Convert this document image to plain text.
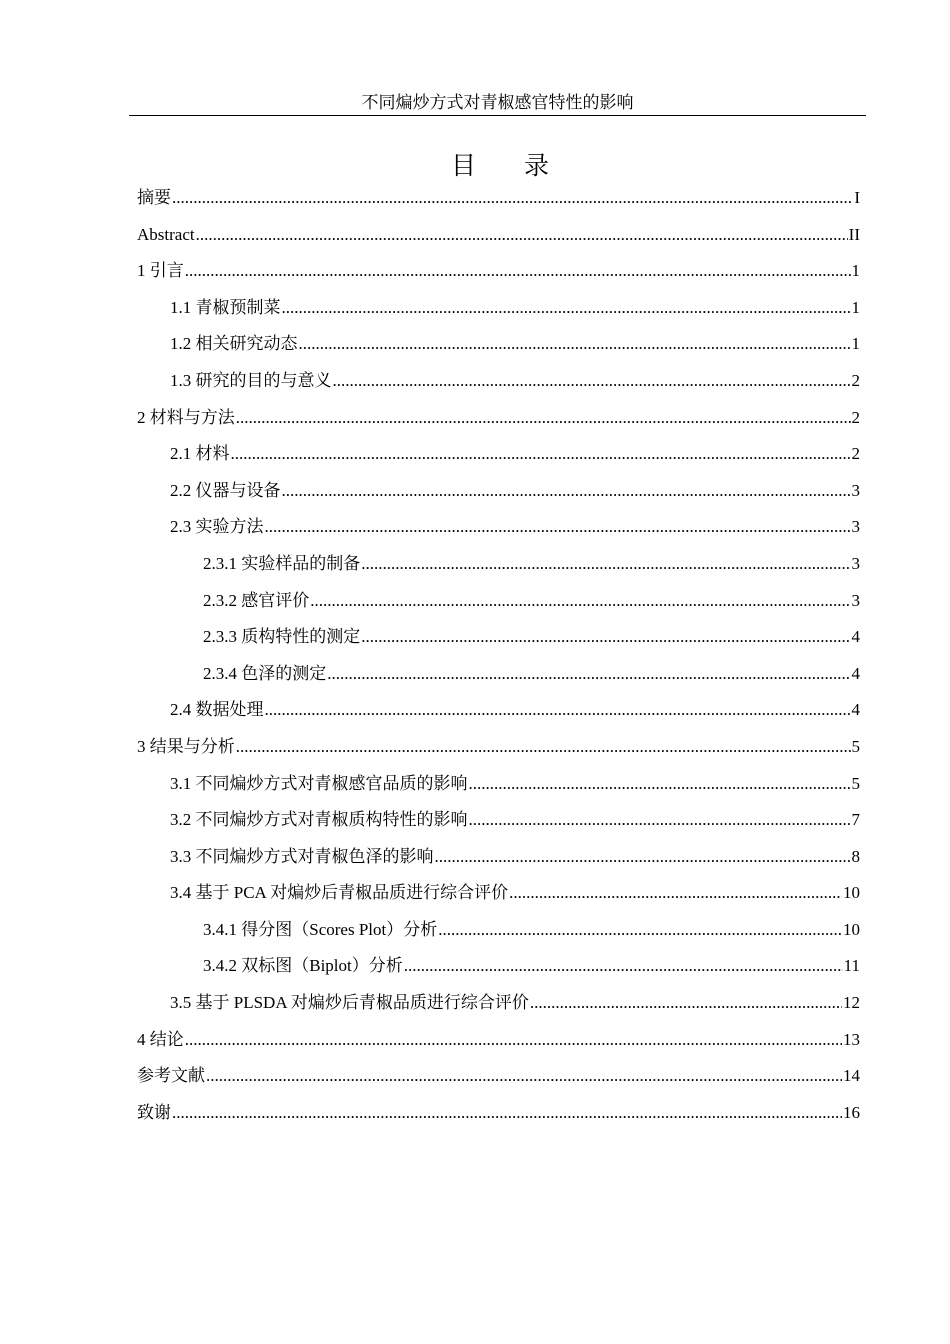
不同煸炒方式对青椒感官特性的影响
目 录
摘要 .....	I
Abstract .....	II
1 引言 .....	1
1.1 青椒预制菜 .....	1
1.2 相关研究动态 .....	1
1.3 研究的目的与意义 .....	2
2 材料与方法 .....	2
2.1 材料 .....	2
2.2 仪器与设备 .....	3
2.3 实验方法 .....	3
2.3.1 实验样品的制备 .....	3
2.3.2 感官评价 .....	3
2.3.3 质构特性的测定 .....	4
2.3.4 色泽的测定 .....	4
2.4 数据处理 .....	4
3 结果与分析 .....	5
3.1 不同煸炒方式对青椒感官品质的影响 .....	5
3.2 不同煸炒方式对青椒质构特性的影响 .....	7
3.3 不同煸炒方式对青椒色泽的影响 .....	8
3.4 基于 PCA 对煸炒后青椒品质进行综合评价 .....	10
3.4.1 得分图（Scores Plot）分析 .....	10
3.4.2 双标图（Biplot）分析 .....	11
3.5 基于 PLSDA 对煸炒后青椒品质进行综合评价 .....	12
4 结论 .....	13
参考文献 .....	14
致谢 .....	16
